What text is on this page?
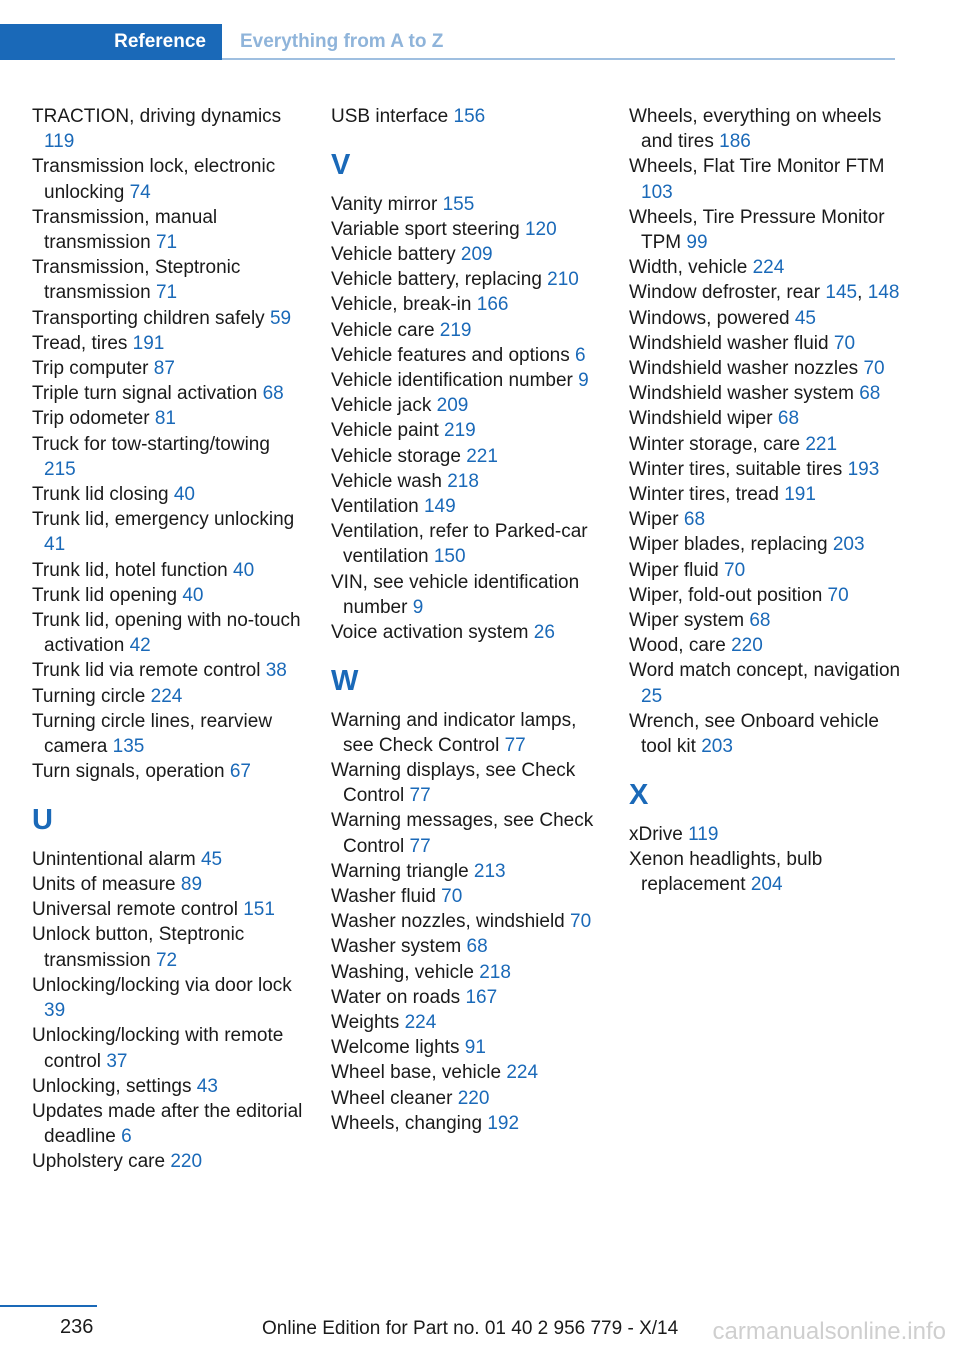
Reference	Everything from A to Z
TRACTION, driving dynamics 119
Transmission lock, electronic unlocking 74
Transmission, manual transmission 71
Transmission, Steptronic transmission 71
Transporting children safely 59
Tread, tires 191
Trip computer 87
Triple turn signal activation 68
Trip odometer 81
Truck for tow-starting/towing 215
Trunk lid closing 40
Trunk lid, emergency unlocking 41
Trunk lid, hotel function 40
Trunk lid opening 40
Trunk lid, opening with no-touch activation 42
Trunk lid via remote control 38
Turning circle 224
Turning circle lines, rearview camera 135
Turn signals, operation 67
U
Unintentional alarm 45
Units of measure 89
Universal remote control 151
Unlock button, Steptronic transmission 72
Unlocking/locking via door lock 39
Unlocking/locking with remote control 37
Unlocking, settings 43
Updates made after the editorial deadline 6
Upholstery care 220
USB interface 156
V
Vanity mirror 155
Variable sport steering 120
Vehicle battery 209
Vehicle battery, replacing 210
Vehicle, break-in 166
Vehicle care 219
Vehicle features and options 6
Vehicle identification number 9
Vehicle jack 209
Vehicle paint 219
Vehicle storage 221
Vehicle wash 218
Ventilation 149
Ventilation, refer to Parked-car ventilation 150
VIN, see vehicle identification number 9
Voice activation system 26
W
Warning and indicator lamps, see Check Control 77
Warning displays, see Check Control 77
Warning messages, see Check Control 77
Warning triangle 213
Washer fluid 70
Washer nozzles, windshield 70
Washer system 68
Washing, vehicle 218
Water on roads 167
Weights 224
Welcome lights 91
Wheel base, vehicle 224
Wheel cleaner 220
Wheels, changing 192
Wheels, everything on wheels and tires 186
Wheels, Flat Tire Monitor FTM 103
Wheels, Tire Pressure Monitor TPM 99
Width, vehicle 224
Window defroster, rear 145, 148
Windows, powered 45
Windshield washer fluid 70
Windshield washer nozzles 70
Windshield washer system 68
Windshield wiper 68
Winter storage, care 221
Winter tires, suitable tires 193
Winter tires, tread 191
Wiper 68
Wiper blades, replacing 203
Wiper fluid 70
Wiper, fold-out position 70
Wiper system 68
Wood, care 220
Word match concept, navigation 25
Wrench, see Onboard vehicle tool kit 203
X
xDrive 119
Xenon headlights, bulb replacement 204
236	Online Edition for Part no. 01 40 2 956 779 - X/14 carmanualsonline.info
